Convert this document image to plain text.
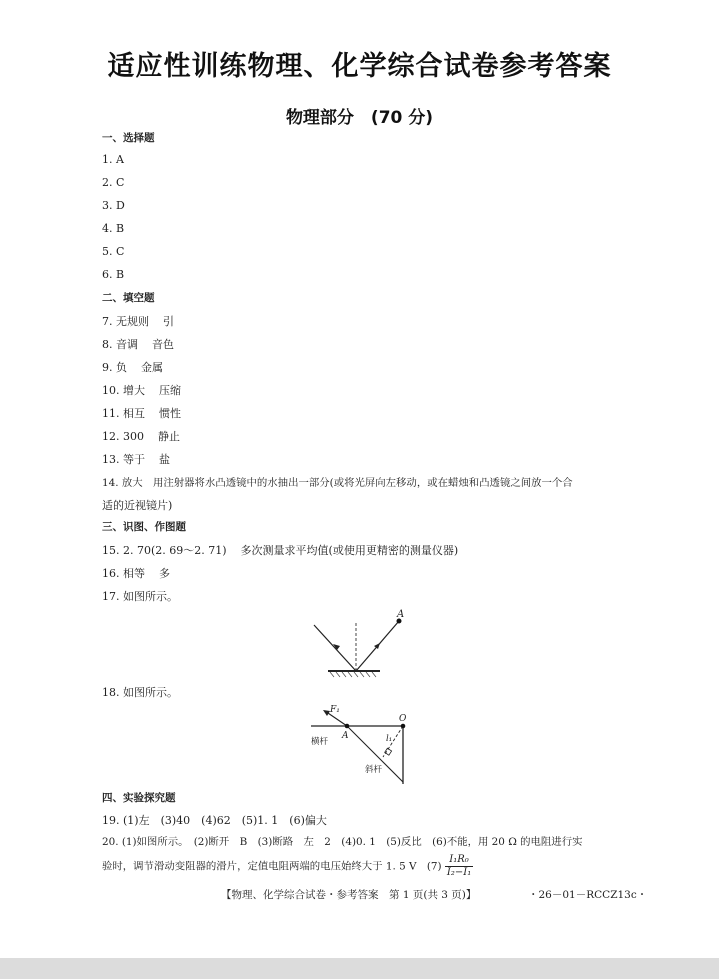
适应性训练物理、化学综合试卷参考答案
物理部分　(70 分)
一、选择题
1. A
2. C
3. D
4. B
5. C
6. B
二、填空题
7. 无规则 引
8. 音调 音色
9. 负 金属
10. 增大 压缩
11. 相互 惯性
12. 300 静止
13. 等于 盐
14. 放大　用注射器将水凸透镜中的水抽出一部分(或将光屏向左移动，或在蜡烛和凸透镜之间放一个合
适的近视镜片)
三、识图、作图题
15. 2. 70(2. 69～2. 71) 多次测量求平均值(或使用更精密的测量仪器)
16. 相等 多
17. 如图所示。
A
18. 如图所示。
F₁
O
A	l₁
横杆
斜杆
四、实验探究题
19. (1)左　(3)40　(4)62　(5)1. 1　(6)偏大
20. (1)如图所示。　(2)断开　B　(3)断路　左　2　(4)0. 1　(5)反比　(6)不能，用 20 Ω 的电阻进行实
验时，调节滑动变阻器的滑片，定值电阻两端的电压始终大于 1. 5 V　$(7) \frac{\text{I₁R₀}}{\text{I₂−I₁}}$
【物理、化学综合试卷・参考答案　第 1 页(共 3 页)】	・26－01－RCCZ13c・
